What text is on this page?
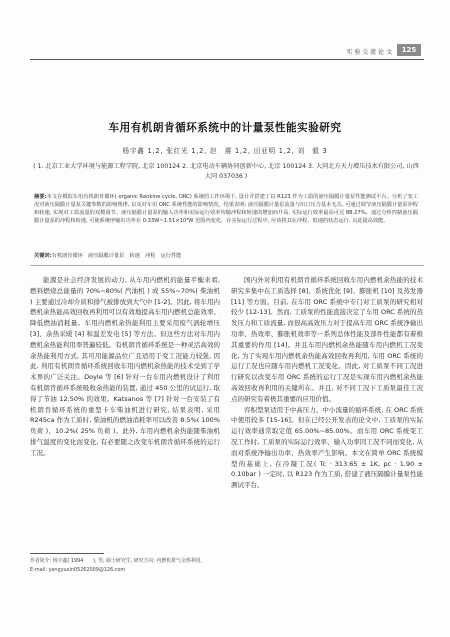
实 验 交 流 论 文	125
车用有机朗肯循环系统中的计量泵性能实验研究
杨宇鑫 1,2, 张红光 1,2, 赵　震 1,2, 田亚明 1,2, 刘　毅 3
( 1. 北京工业大学环境与能源工程学院, 北京 100124 2. 北京电动车辆协同创新中心, 北京 100124 3. 大同北方天力增压技术有限公司, 山西 大同 037036 )
摘要:本文在模拟车用有机朗肯循环( organic Rankine cycle, ORC) 系统的工作环境下, 设计并搭建了以 R123 作为工质的液压隔膜计量泵性能测试平台。分析了变工况对液压隔膜计量泵关键参数的影响规律, 以及对车用 ORC 系统性能的影响情况。结果表明: 液压隔膜计量泵流量与出口压力基本无关, 可通过调节液压隔膜计量泵冲程和转速, 实现对工质流量的双模调节。液压隔膜计量泵的输入功率和实际运行效率均随冲程和转速的增加而升高, 实际运行效率最高可达 88.27%。通过分析控制液压隔膜计量泵的冲程和转速, 可使系统净输出功率在 0.33W~1.51×10³W 范围内变化。在实际运行过程中, 应该将其在冲程、低速的状态运行, 以此提高效能。
关键词:有机朗肯循环　液压隔膜计量泵　转速　冲程　运行性能

能源是社会经济发展的动力, 从车用内燃机的能量平衡来看, 燃料燃烧总能量的 70%~80%( 汽油机 ) 或 55%~70%( 柴油机 ) 主要通过冷却介质和排气被排放到大气中 [1-2]。因此, 将车用内燃机余热能高效回收再利用可以有效地提高车用内燃机总能效率、降低燃油消耗量。车用内燃机余热能利用主要采用废气涡轮增压 [3]、余热采暖 [4] 和温差发电 [5] 等方法。但这些方法对车用内燃机余热能利用率普遍较低。有机朗肯循环系统是一种灵活高效的余热能利用方式, 其可用能源品位广且适用于变工况能力较强, 因此, 利用有机朗肯循环系统回收车用内燃机余热能的技术受到了学术界的广泛关注。Doyle 等 [6] 针对一台车用内燃机设计了利用有机朗肯循环系统吸收余热能的装置, 通过 450 公里的试运行, 取得了节油 12.50% 的效果。Katsanos 等 [7] 针对一台安装了有机朗肯循环系统的重型卡车柴油机进行研究, 结果表明, 采用 R245ca 作为工质时, 柴油机的燃油消耗率可以改善 8.5%( 100% 负荷 )、10.2%( 25% 负荷 )。此外, 车用内燃机余热能随柴油机排气温度的变化而变化, 有必要随之改变车机朗肯循环系统的运行工况。

国内外对利用有机朗肯循环系统回收车用内燃机余热能的技术研究多集中在工质选择 [8]、系统优化 [9]、膨胀机 [10] 及蒸发器 [11] 等方面。目前, 在车用 ORC 系统中专门对工质泵的研究相对较少 [12-13]。然而, 工质泵的性能直接决定了车用 ORC 系统的蒸发压力和工质流量, 而很高高效压力对于提高车用 ORC 系统净输出功率、热效率、膨胀机效率等一系列总体性能及部件性能都有着极其重要的作用 [14]。并且车用内燃机余热能随车用内燃机工况变化, 为了实现车用内燃机余热能高效回收再利用, 车用 ORC 系统的运行工况也应随车用内燃机工况变化。因此, 对工质泵不同工况进行研究以改变车用 ORC 系统的运行工况是实现车用内燃机余热能高效回收再利用的关键所在。并且, 对不同工况下工质泵最佳工况点的研究有着极其重要的应用价值。

容积型泵适用于中高压力、中小流量的循环系统, 在 ORC 系统中使用较多 [15-16]。但在已经公开发表的论文中, 工质泵的实际运行效率通常取定值 65.00%~85.00%。而车用 ORC 系统变工况工作时, 工质泵的实际运行效率、输入功率因工况不同而变化, 从而对系统净输出功率、热效率产生影响。本文在简单 ORC 系统模型的基础上, 在冷凝工况( Tc · 313.65 ± 1K, pc · 1.90 ± 0.10bar ) 一定时, 以 R123 作为工质, 搭建了液压隔膜计量泵性能测试平台。

作者简介: 杨宇鑫( 1994　　), 男, 硕士研究生, 研究方向: 内燃机排气余热利用。
E-mail: yangyuxin0526200​9@126.com
